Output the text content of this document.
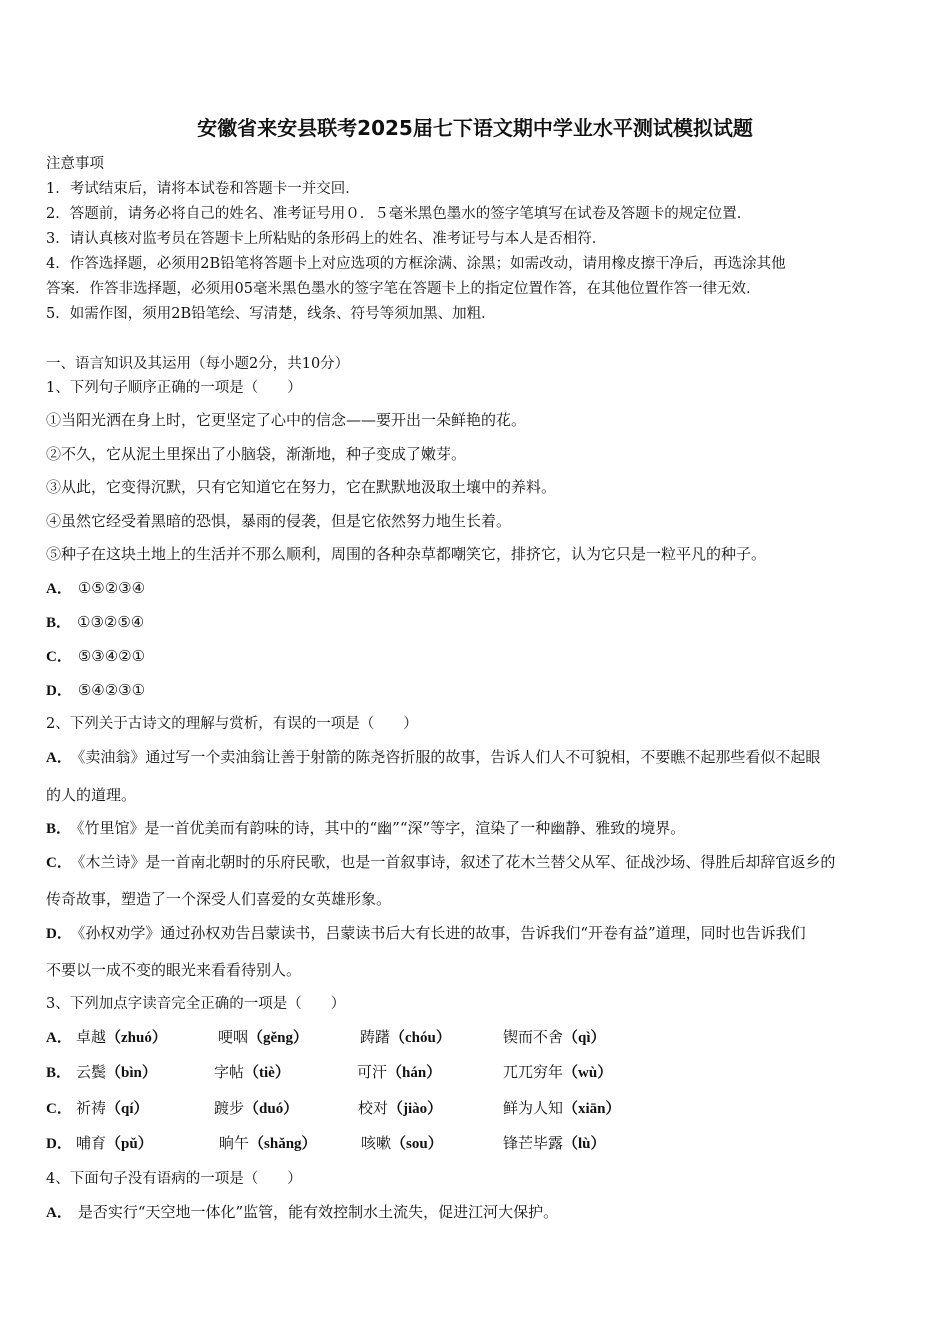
安徽省来安县联考2025届七下语文期中学业水平测试模拟试题
注意事项
1．考试结束后，请将本试卷和答题卡一并交回．
2．答题前，请务必将自己的姓名、准考证号用０．５毫米黑色墨水的签字笔填写在试卷及答题卡的规定位置．
3．请认真核对监考员在答题卡上所粘贴的条形码上的姓名、准考证号与本人是否相符．
4．作答选择题，必须用2B铅笔将答题卡上对应选项的方框涂满、涂黑；如需改动，请用橡皮擦干净后，再选涂其他
答案．作答非选择题，必须用05毫米黑色墨水的签字笔在答题卡上的指定位置作答，在其他位置作答一律无效．
5．如需作图，须用2B铅笔绘、写清楚，线条、符号等须加黑、加粗．
一、语言知识及其运用（每小题2分，共10分）
1、下列句子顺序正确的一项是（　　）
①当阳光洒在身上时，它更坚定了心中的信念——要开出一朵鲜艳的花。
②不久，它从泥土里探出了小脑袋，渐渐地，种子变成了嫩芽。
③从此，它变得沉默，只有它知道它在努力，它在默默地汲取土壤中的养料。
④虽然它经受着黑暗的恐惧，暴雨的侵袭，但是它依然努力地生长着。
⑤种子在这块土地上的生活并不那么顺利，周围的各种杂草都嘲笑它，排挤它，认为它只是一粒平凡的种子。
A． ①⑤②③④
B． ①③②⑤④
C． ⑤③④②①
D． ⑤④②③①
2、下列关于古诗文的理解与赏析，有误的一项是（　　）
A． 《卖油翁》通过写一个卖油翁让善于射箭的陈尧咨折服的故事，告诉人们人不可貌相，不要瞧不起那些看似不起眼
的人的道理。
B． 《竹里馆》是一首优美而有韵味的诗，其中的“幽”“深”等字，渲染了一种幽静、雅致的境界。
C． 《木兰诗》是一首南北朝时的乐府民歌，也是一首叙事诗，叙述了花木兰替父从军、征战沙场、得胜后却辞官返乡的
传奇故事，塑造了一个深受人们喜爱的女英雄形象。
D． 《孙权劝学》通过孙权劝告吕蒙读书，吕蒙读书后大有长进的故事，告诉我们“开卷有益”道理，同时也告诉我们
不要以一成不变的眼光来看看待别人。
3、下列加点字读音完全正确的一项是（　　）
A． 卓越（zhuó）	哽咽（gěng）	踌躇（chóu）	锲而不舍（qì）
B． 云鬓（bìn）	字帖（tiè）	可汗（hán）	兀兀穷年（wù）
C． 祈祷（qí）	踱步（duó）	校对（jiào）	鲜为人知（xiān）
D． 哺育（pǔ）	晌午（shǎng）	咳嗽（sou）	锋芒毕露（lù）
4、下面句子没有语病的一项是（　　）
A． 是否实行“天空地一体化”监管，能有效控制水土流失，促进江河大保护。
